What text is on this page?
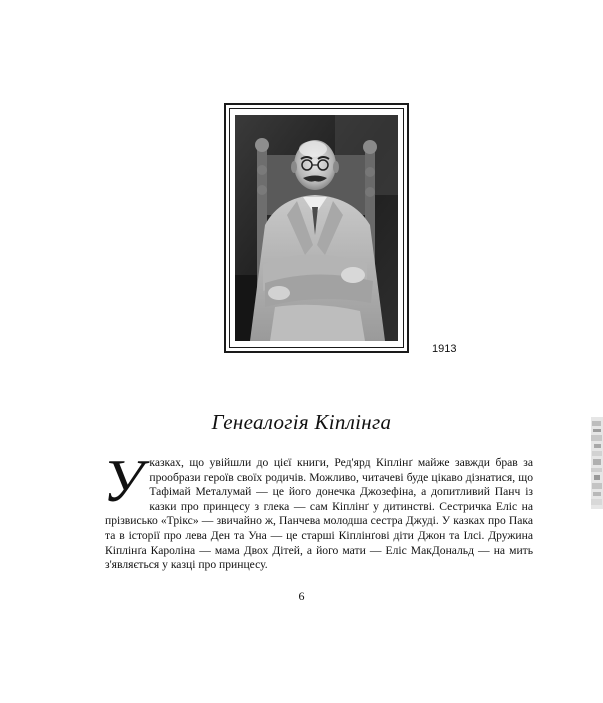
1913
Генеалогія Кіплінга
У казках, що увійшли до цієї книги, Ред'ярд Кіплінґ майже завжди брав за прообрази героїв своїх родичів. Можливо, читачеві буде цікаво дізнатися, що Тафімай Металумай — це його донечка Джозефіна, а допитливий Панч із казки про принцесу з глека — сам Кіплінґ у дитинстві. Сестричка Еліс на прізвисько «Трікс» — звичайно ж, Панчева молодша сестра Джуді. У казках про Пака та в історії про лева Ден та Уна — це старші Кіплінґові діти Джон та Ілсі. Дружина Кіплінґа Кароліна — мама Двох Дітей, а його мати — Еліс МакДональд — на мить з'являється у казці про принцесу.
6
